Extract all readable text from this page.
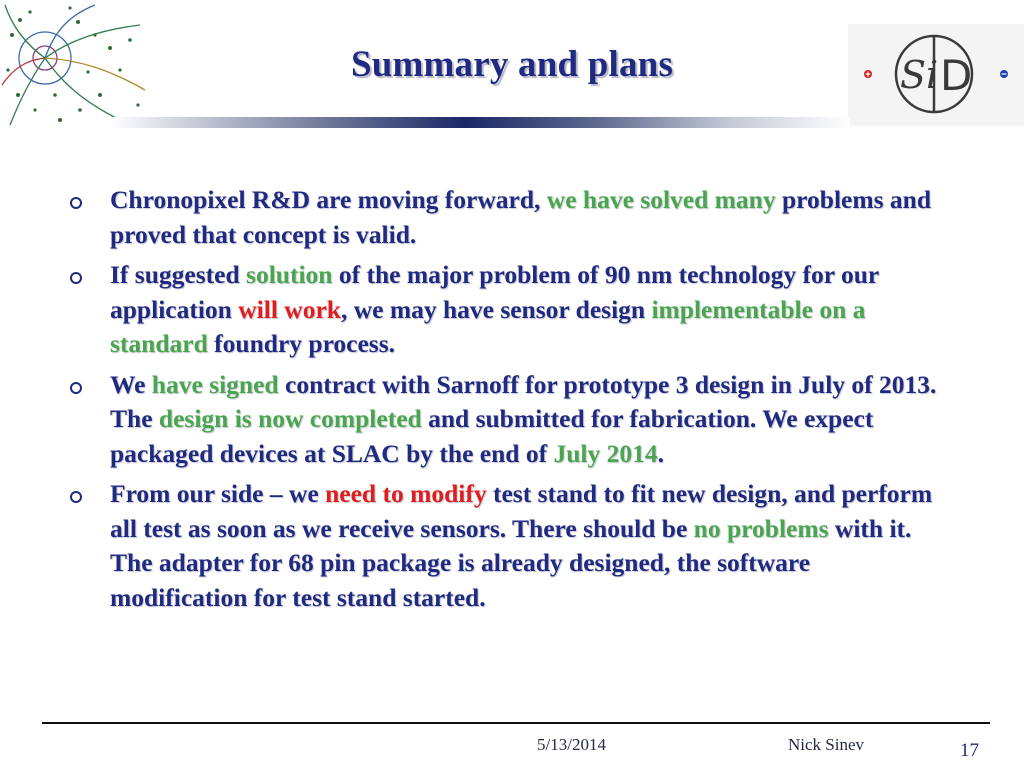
Si D
Summary and plans
Chronopixel R&D are moving forward, we have solved many problems and proved that concept is valid.
If suggested solution of the major problem of 90 nm technology for our application will work, we may have sensor design implementable on a standard foundry process.
We have signed contract with Sarnoff for prototype 3 design in July of 2013. The design is now completed and submitted for fabrication. We expect packaged devices at SLAC by the end of July 2014.
From our side – we need to modify test stand to fit new design, and perform all test as soon as we receive sensors. There should be no problems with it. The adapter for 68 pin package is already designed, the software modification for test stand started.
5/13/2014	Nick Sinev	17
